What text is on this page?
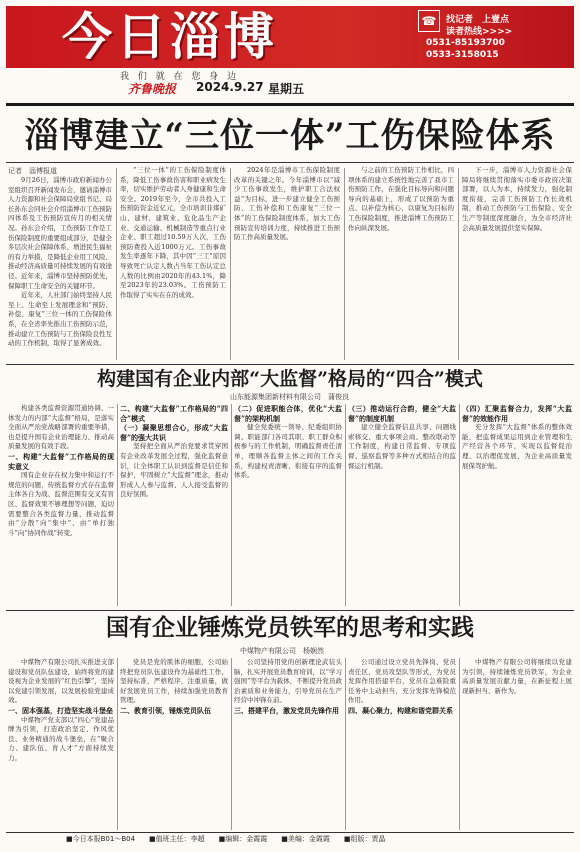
今日淄博	☎	找记者　上壹点
读者热线>>>>
0531-85193700
0533-3158015
我 们 就 在 您 身 边
齐鲁晚报 2024.9.27 星期五
淄博建立“三位一体”工伤保险体系
记者　淄博报道

9月26日，淄博市政府新闻办公室组织召开新闻发布会，邀请淄博市人力资源和社会保障局党组书记、局长孙东会同社会介绍淄博市工伤预防四体系及工伤预防宣传月的相关情况。孙东会介绍，工伤预防工作是工伤保险制度的重要组成部分，是健全多层次社会保障体系、增进民生福祉的有力举措，是降低企业用工风险、推动经济高质量可持续发展的有效途径。近年来，淄博市坚持预防优先，保障职工生命安全的关键环节。

近年来，人社部门始终坚持人民至上、生命至上发展理念和“预防、补偿、康复”三位一体的工伤保险体系，在全省率先推出工伤预防示范，推动建立工伤预防与工伤保险良性互动的工作机制，取得了显著成效。

“三位一体”的工伤保险制度体系，降低工伤事故伤害和职业病发生率，切实维护劳动者人身健康和生命安全。2019年至今，全市共投入工伤预防资金近亿元，全市培训非煤矿山、建材、建筑业、危化品生产企业、交通运输、机械制造等重点行业企业、职工超过10.59万人次，工伤预防费投入近1000万元。工伤事故发生率逐年下降，其中因“三工”原因导致死亡认定人数占当年工伤认定总人数的比例由2020年的43.1%，降至2023年的23.03%。工伤预防工作取得了实实在在的成效。

2024年是淄博市工伤保险制度改革的关键之年。今年淄博市以“减少工伤事故发生，维护职工合法权益”为目标，进一步建立健全工伤预防、工伤补偿和工伤康复“三位一体”的工伤保险制度体系，加大工伤预防宣传培训力度，持续推进工伤预防工作高质量发展。

与之前的工伤预防工作相比，四项体系的建立系统性地完善了我市工伤预防工作，在强化目标导向和问题导向的基础上，形成了以预防为重点、以补偿为核心、以康复为目标的工伤保险制度，推进淄博工伤预防工作向纵深发展。

下一步，淄博市人力资源社会保障局将继续贯彻落实市委市政府决策部署，以人为本，持续发力，强化制度衔接，完善工伤预防工作长效机制，推动工伤预防与工伤保险、安全生产等制度深度融合，为全市经济社会高质量发展提供坚实保障。

构建国有企业内部“大监督”格局的“四合”模式
山东能源集团新材料有限公司　蒲俊良

构建各类监督资源贯通协调、一体发力的内部“大监督”格局，是落实全面从严治党战略部署的重要举措，也是提升国有企业治理能力、推动高质量发展的有效手段。

一、构建“大监督”工作格局的现实意义

国有企业存在权力集中和运行不规范的问题，传统监督方式存在监督主体各自为战、监督范围有交叉有盲区、监督效果不够理想等问题，迫切需要整合各类监督力量，推动监督由“分散”向“集中”、由“单打独斗”向“协同作战”转变。

二、构建“大监督”工作格局的“四合”模式
（一）凝聚思想合心，形成“大监督”的强大共识

坚持把全面从严治党要求贯穿国有企业改革发展全过程，强化监督意识，让全体职工认识到监督是信任和保护，牢固树立“大监督”理念，推动形成人人参与监督、人人接受监督的良好氛围。

（二）促进职能合体，优化“大监督”的架构机制

健全党委统一领导、纪委组织协调、职能部门各司其职、职工群众积极参与的工作机制，明确监督责任清单，理顺各监督主体之间的工作关系，构建权责清晰、衔接有序的监督体系。

（三）推动运行合韵，健全“大监督”的制度机制

建立健全监督信息共享、问题线索移交、重大事项会商、整改联动等工作制度，构建日常监督、专项监督、巡察监督等多种方式相结合的监督运行机制。

（四）汇聚监督合力，发挥“大监督”的效能作用

充分发挥“大监督”体系的整体效能，把监督成果运用到企业管理和生产经营各个环节，实现以监督促治理、以治理促发展，为企业高质量发展保驾护航。

国有企业锤炼党员铁军的思考和实践
中煤物产有限公司　杨娴然

中煤物产有限公司扎实推进支部建设和党员队伍建设，始终将党的建设视为企业发展的“红色引擎”，坚持以党建引领发展，以发展检验党建成效。

一、固本强基，打造坚实战斗堡垒

中煤物产党支部以“四心”党建品牌为引领，打造政治坚定、作风优良、业务精通的战斗堡垒，在“聚合力、建队伍、育人才”方面持续发力。

党员是党的肌体的细胞，公司始终把党员队伍建设作为基础性工作，坚持标准，严格程序，注重质量，做好发展党员工作，持续加强党员教育管理。

二、教育引领，锤炼党员队伍

公司坚持用党的创新理论武装头脑，扎实开展党员教育培训，以“学习强国”等平台为载体，不断提升党员政治素质和业务能力，引导党员在生产经营中冲锋在前。

三、搭建平台，激发党员先锋作用

公司通过设立党员先锋岗、党员责任区、党员攻坚队等形式，为党员发挥作用搭建平台，党员在急难险重任务中主动担当，充分发挥先锋模范作用。

四、凝心聚力，构建和谐党群关系

中煤物产有限公司将继续以党建为引领，持续锤炼党员铁军，为企业高质量发展贡献力量，在新征程上展现新担当、新作为。

■今日本报B01～B04 ■值班主任：李超 ■编辑：金霞霞 ■美编：金霞霞 ■组版：贾晶
